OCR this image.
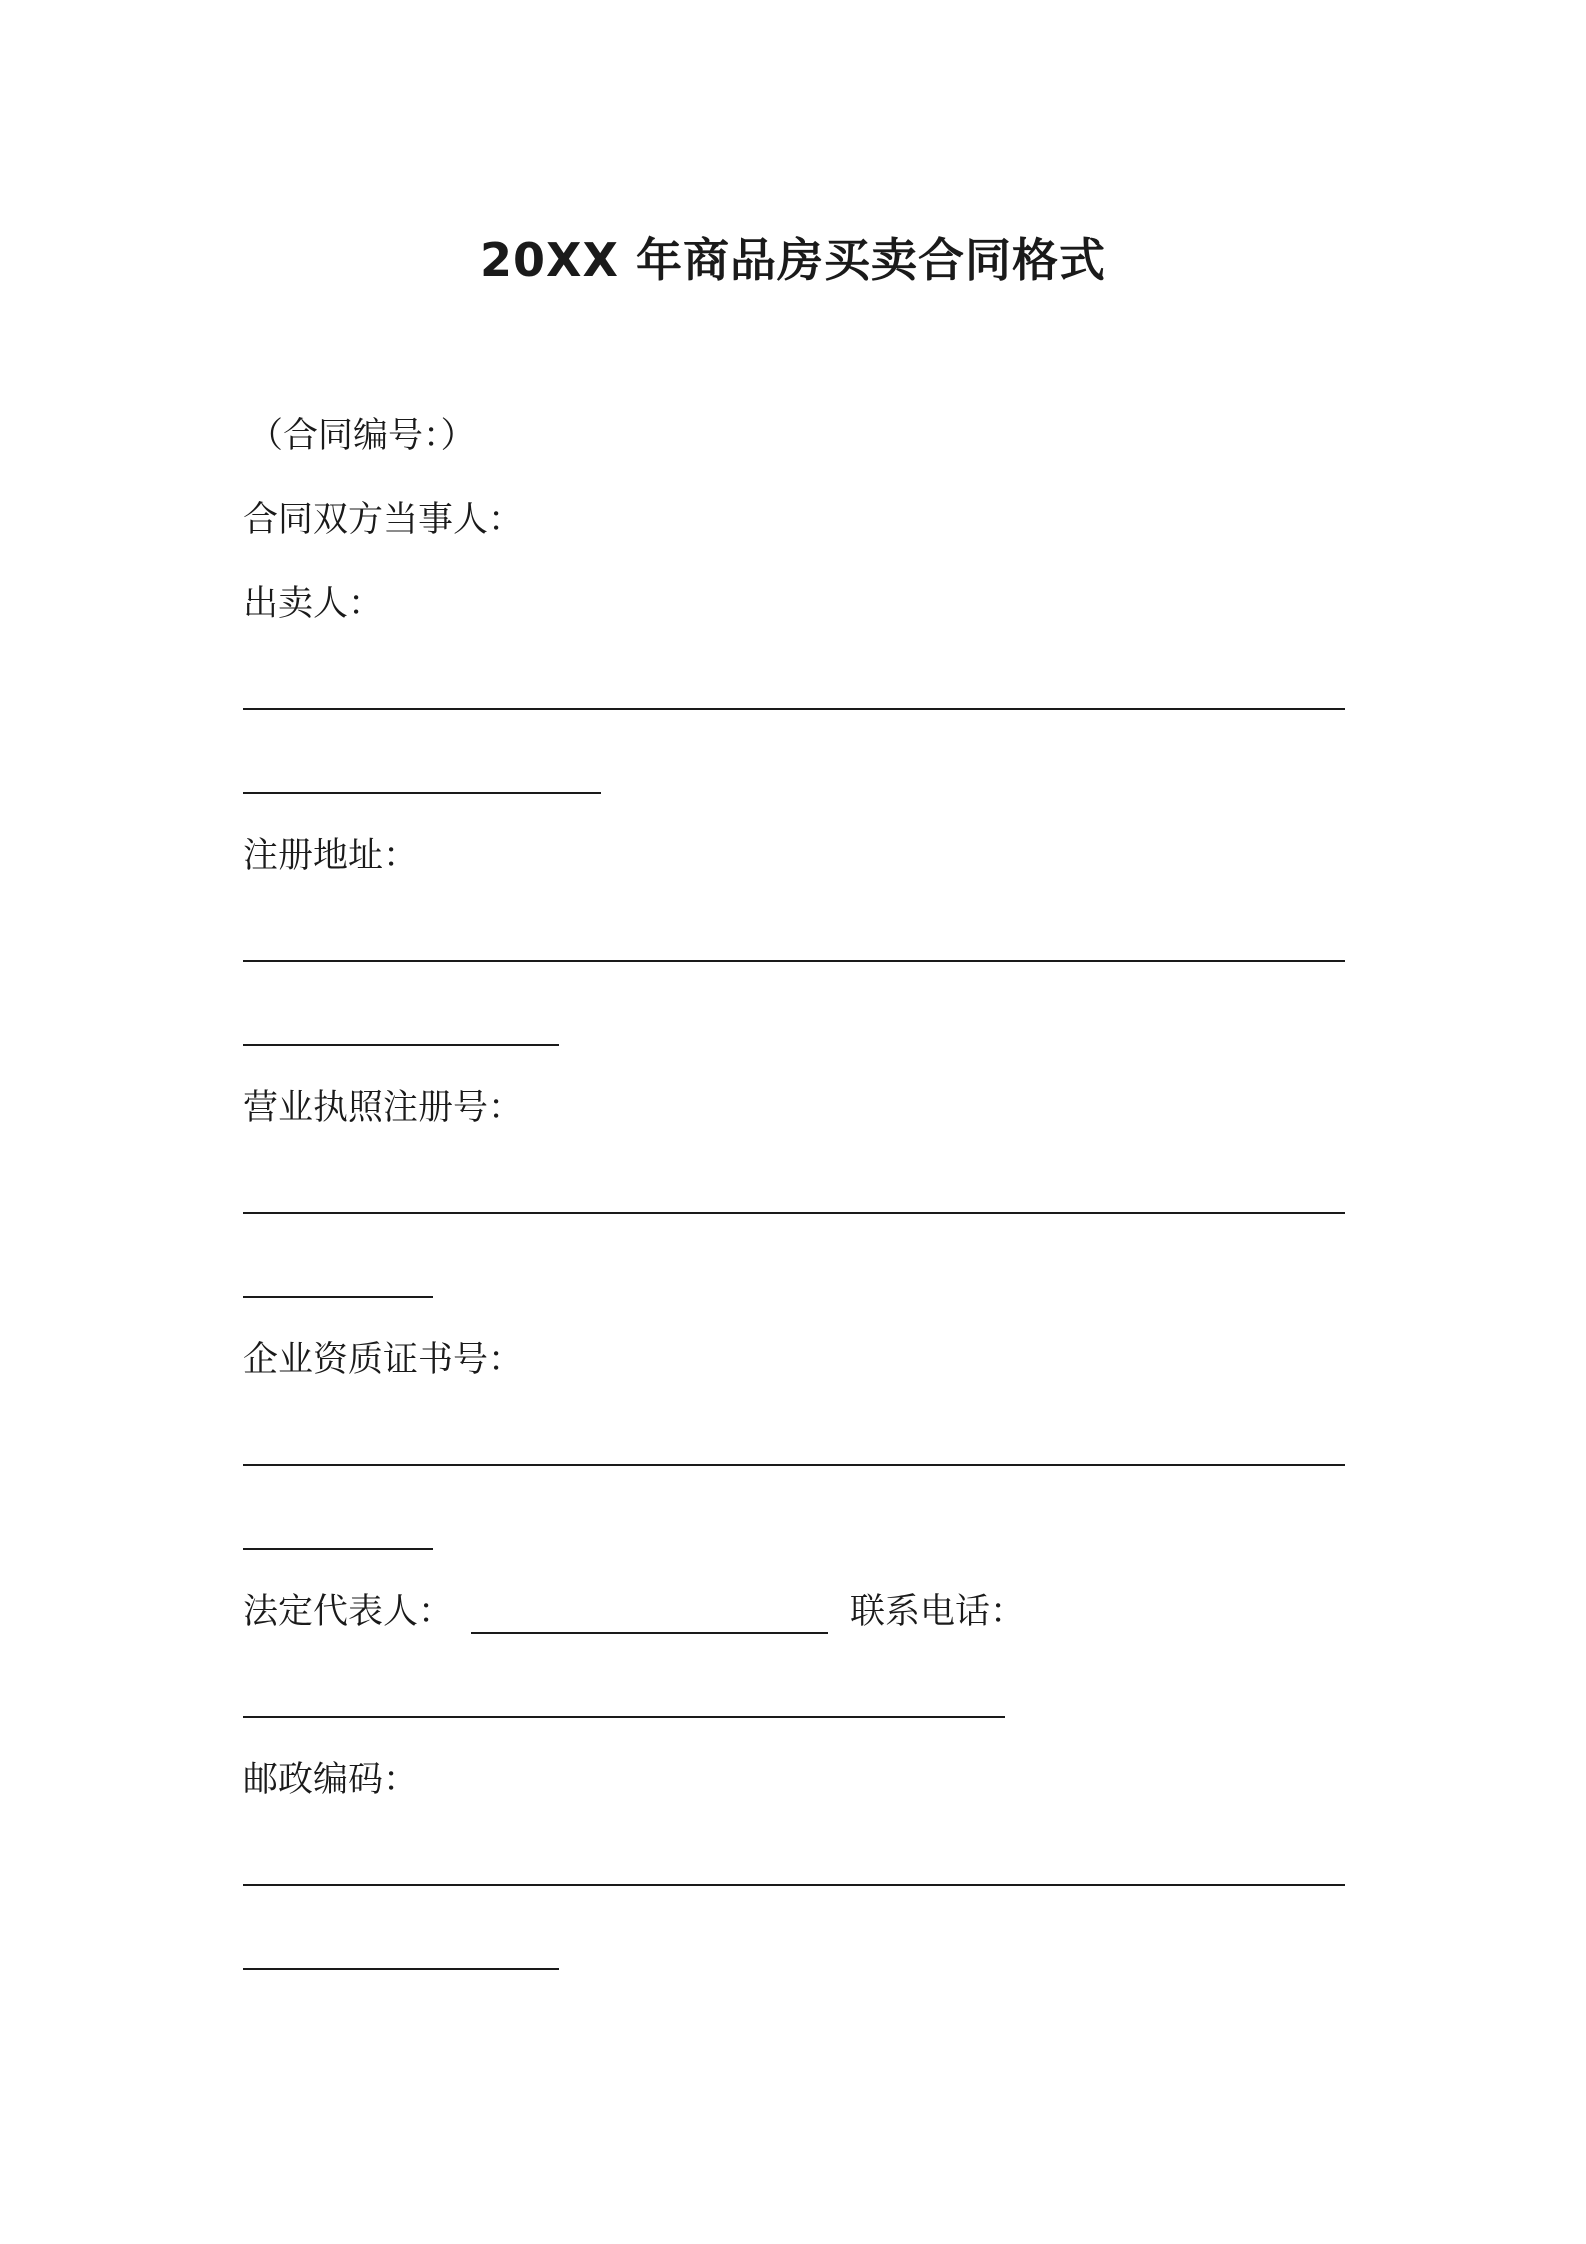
20XX 年商品房买卖合同格式
（合同编号：）
合同双方当事人：
出卖人：
注册地址：
营业执照注册号：
企业资质证书号：
法定代表人：	联系电话：
邮政编码：
